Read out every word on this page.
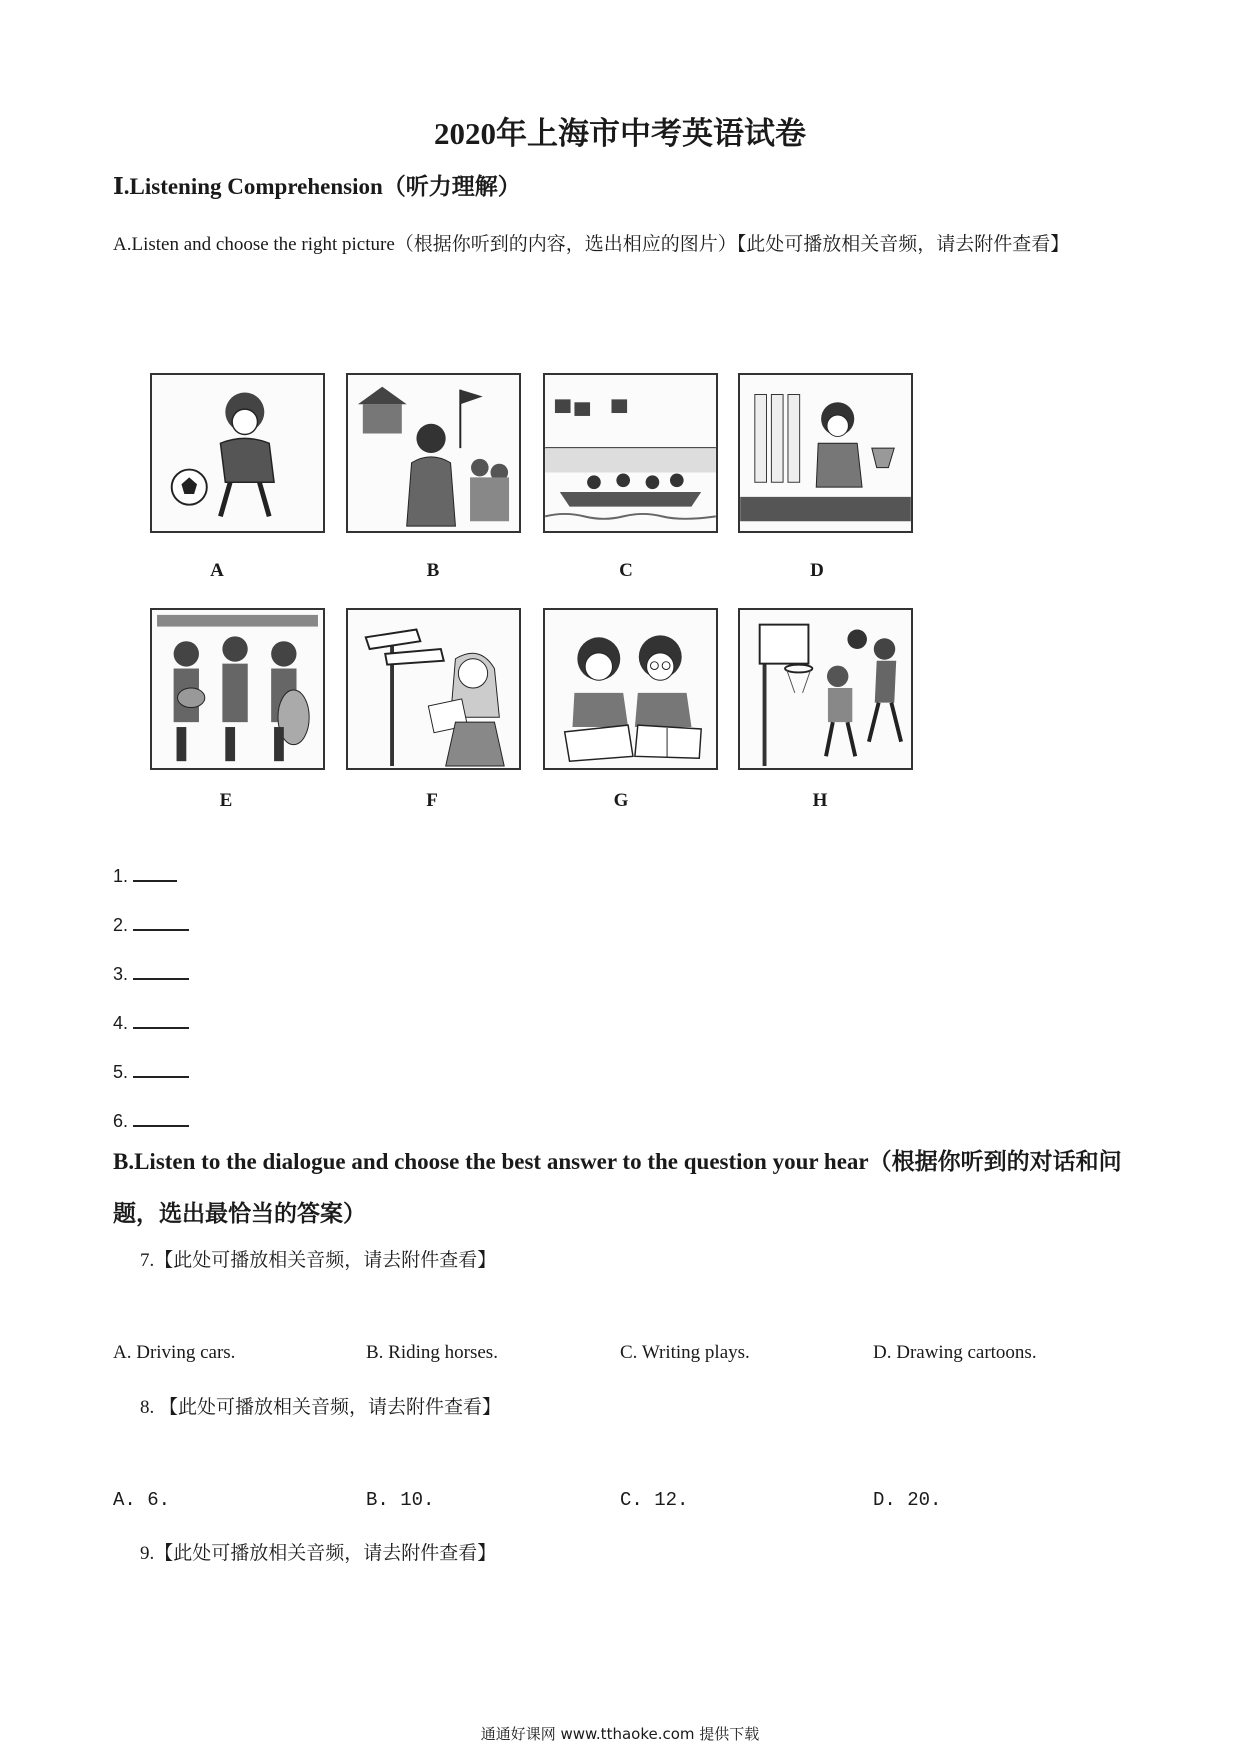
2020年上海市中考英语试卷
Ⅰ.Listening Comprehension（听力理解）
A.Listen and choose the right picture（根据你听到的内容，选出相应的图片）【此处可播放相关音频，请去附件查看】
A	B	C	D
E	F	G	H
1.
2.
3.
4.
5.
6.
B.Listen to the dialogue and choose the best answer to the question your hear（根据你听到的对话和问题，选出最恰当的答案）
7.【此处可播放相关音频，请去附件查看】
A. Driving cars.	B. Riding horses.	C. Writing plays.	D. Drawing cartoons.
8. 【此处可播放相关音频，请去附件查看】
A. 6.	B. 10.	C. 12.	D. 20.
9.【此处可播放相关音频，请去附件查看】
通通好课网 www.tthaoke.com 提供下载
